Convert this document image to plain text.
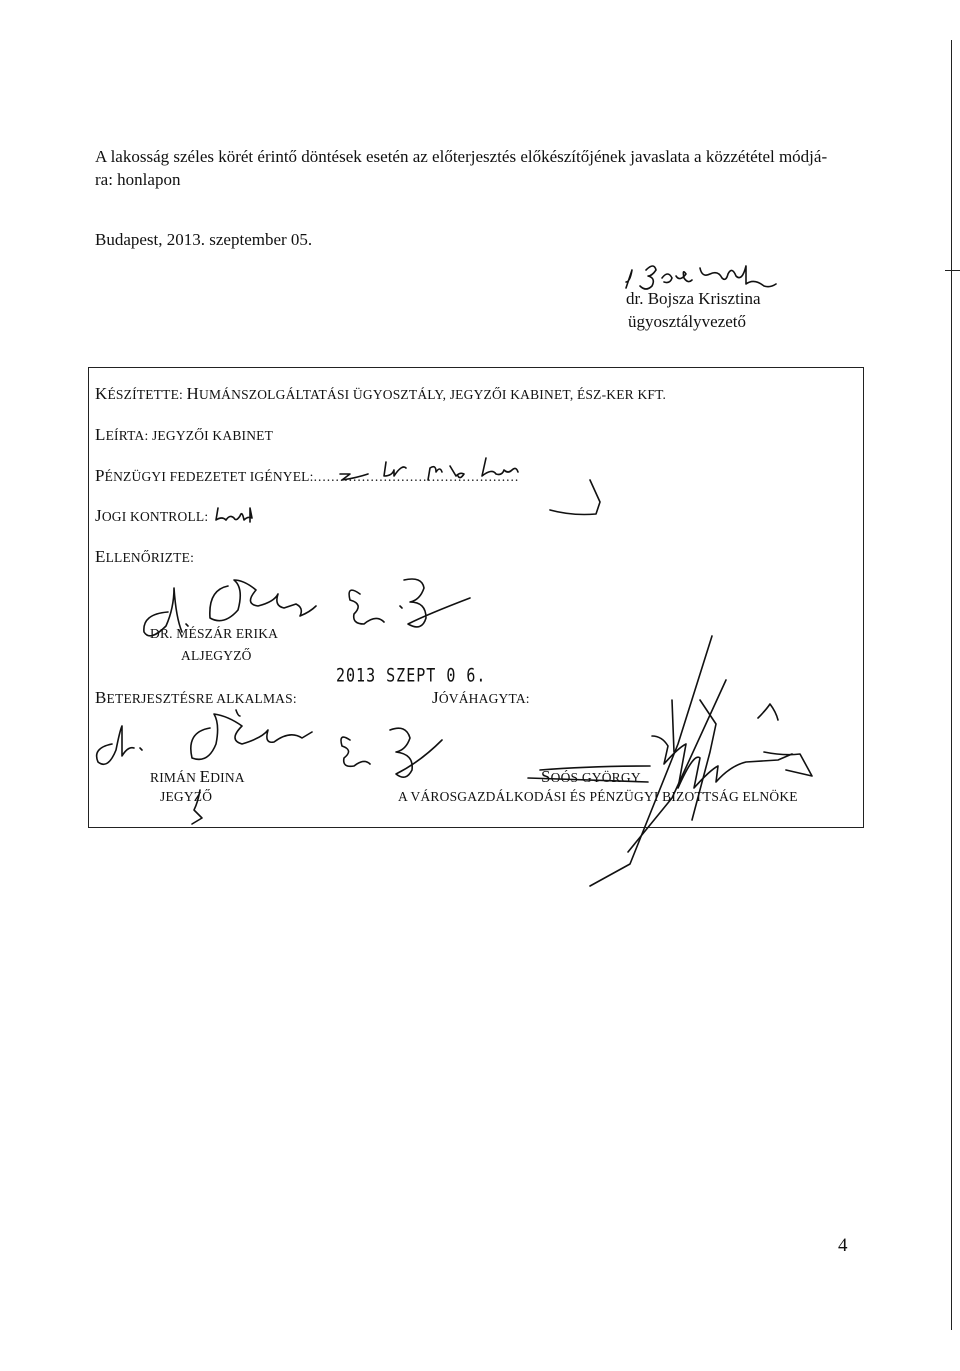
A lakosság széles körét érintő döntések esetén az előterjesztés előkészítőjének javaslata a közzététel módjá-
ra: honlapon
Budapest, 2013. szeptember 05.
dr. Bojsza Krisztina
ügyosztályvezető
KÉSZÍTETTE: HUMÁNSZOLGÁLTATÁSI ÜGYOSZTÁLY, JEGYZŐI KABINET, ÉSZ-KER KFT.
LEÍRTA: JEGYZŐI KABINET
PÉNZÜGYI FEDEZETET IGÉNYEL:...............................................
JOGI KONTROLL:
ELLENŐRIZTE:
DR. MÉSZÁR ERIKA
ALJEGYZŐ
2013 SZEPT 0 6.
BETERJESZTÉSRE ALKALMAS:	JÓVÁHAGYTA:
RIMÁN EDINA
JEGYZŐ
SOÓS GYÖRGY
A VÁROSGAZDÁLKODÁSI ÉS PÉNZÜGYI BIZOTTSÁG ELNÖKE
4
